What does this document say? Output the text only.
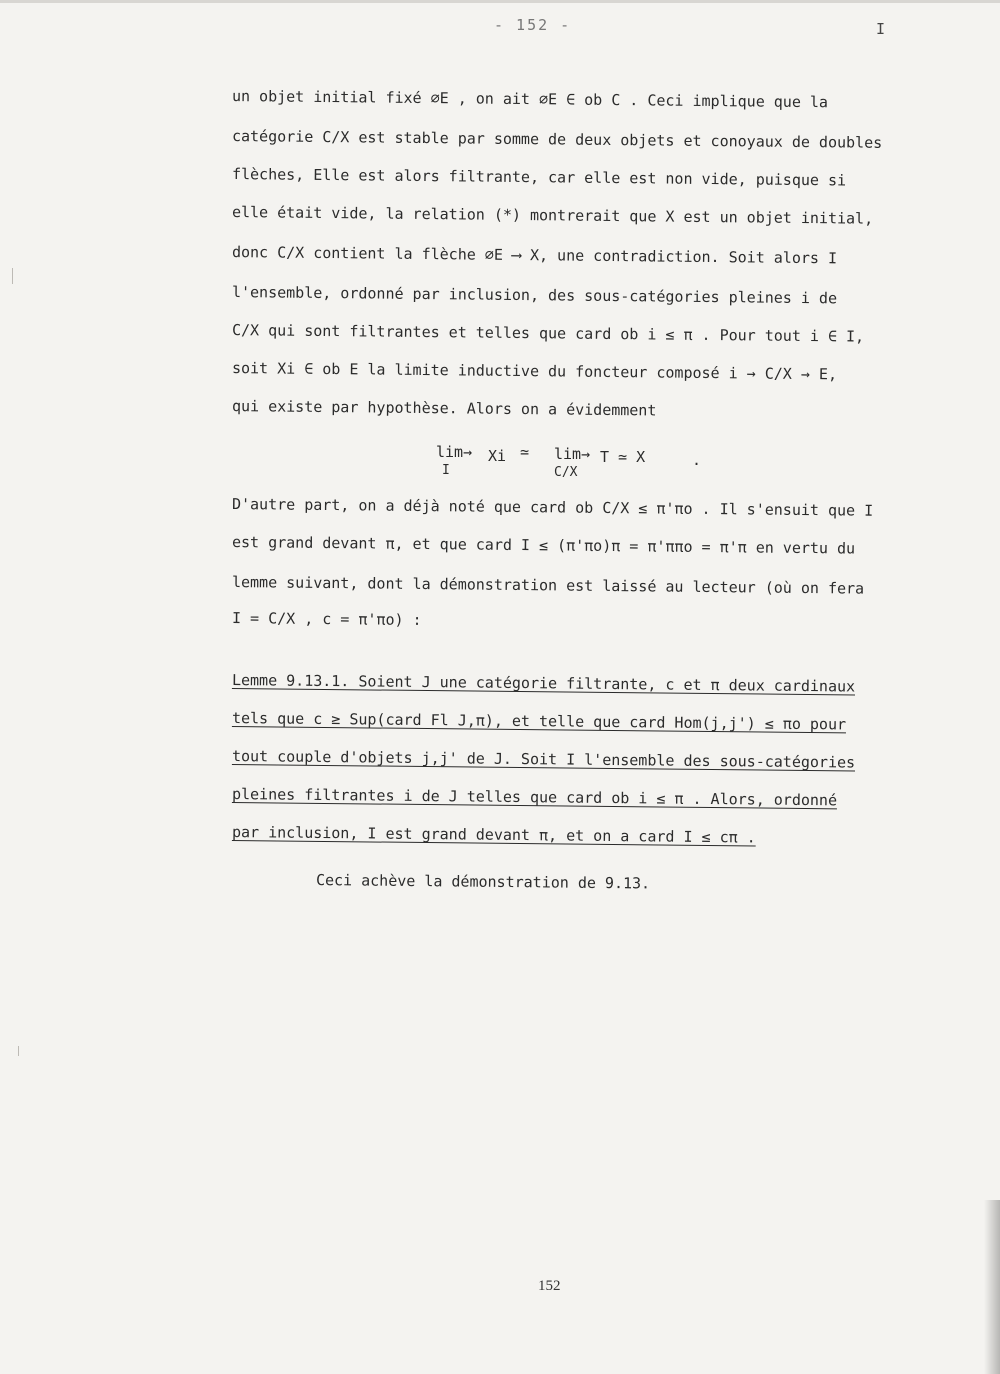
- 152 -	I
un objet initial fixé ∅E , on ait ∅E ∈ ob C . Ceci implique que la
catégorie C/X est stable par somme de deux objets et conoyaux de doubles
flèches, Elle est alors filtrante, car elle est non vide, puisque si
elle était vide, la relation (*) montrerait que X est un objet initial,
donc C/X contient la flèche ∅E ⟶ X, une contradiction. Soit alors I
l'ensemble, ordonné par inclusion, des sous-catégories pleines i de
C/X qui sont filtrantes et telles que card ob i ≤ π . Pour tout i ∈ I,
soit Xi ∈ ob E la limite inductive du foncteur composé i → C/X → E,
qui existe par hypothèse. Alors on a évidemment
lim→
I
Xi ≃ lim→
C/X
T ≃ X	.
D'autre part, on a déjà noté que card ob C/X ≤ π'πo . Il s'ensuit que I
est grand devant π, et que card I ≤ (π'πo)π = π'ππo = π'π en vertu du
lemme suivant, dont la démonstration est laissé au lecteur (où on fera
I = C/X , c = π'πo) :
Lemme 9.13.1. Soient J une catégorie filtrante, c et π deux cardinaux
tels que c ≥ Sup(card Fl J,π), et telle que card Hom(j,j') ≤ πo pour
tout couple d'objets j,j' de J. Soit I l'ensemble des sous-catégories
pleines filtrantes i de J telles que card ob i ≤ π . Alors, ordonné
par inclusion, I est grand devant π, et on a card I ≤ cπ .
Ceci achève la démonstration de 9.13.
152
